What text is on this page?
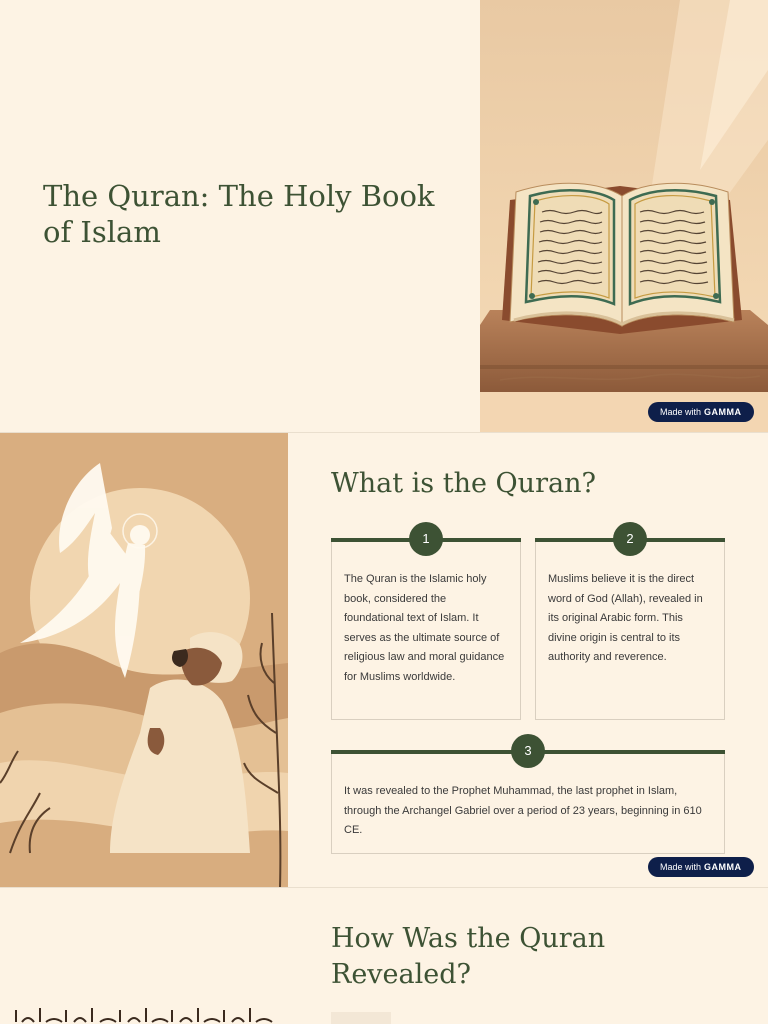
The Quran: The Holy Book of Islam
Made with GAMMA
What is the Quran?
1
The Quran is the Islamic holy book, considered the foundational text of Islam. It serves as the ultimate source of religious law and moral guidance for Muslims worldwide.
2
Muslims believe it is the direct word of God (Allah), revealed in its original Arabic form. This divine origin is central to its authority and reverence.
3
It was revealed to the Prophet Muhammad, the last prophet in Islam, through the Archangel Gabriel over a period of 23 years, beginning in 610 CE.
Made with GAMMA
How Was the Quran Revealed?
